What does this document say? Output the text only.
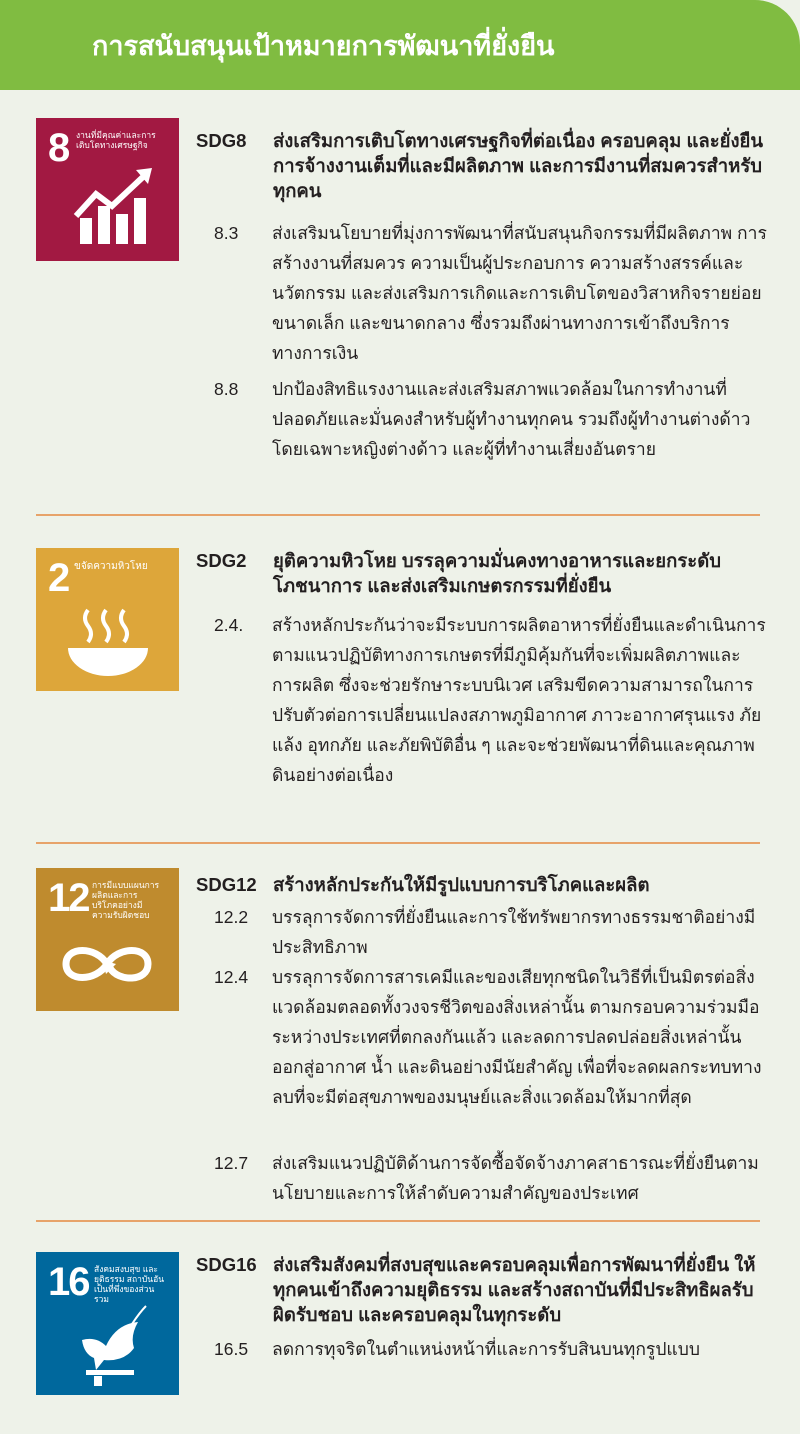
การสนับสนุนเป้าหมายการพัฒนาที่ยั่งยืน
8 งานที่มีคุณค่าและการเติบโตทางเศรษฐกิจ	SDG8 ส่งเสริมการเติบโตทางเศรษฐกิจที่ต่อเนื่อง ครอบคลุม และยั่งยืน การจ้างงานเต็มที่และมีผลิตภาพ และการมีงานที่สมควรสำหรับทุกคน
8.3 ส่งเสริมนโยบายที่มุ่งการพัฒนาที่สนับสนุนกิจกรรมที่มีผลิตภาพ การสร้างงานที่สมควร ความเป็นผู้ประกอบการ ความสร้างสรรค์และนวัตกรรม และส่งเสริมการเกิดและการเติบโตของวิสาหกิจรายย่อย ขนาดเล็ก และขนาดกลาง ซึ่งรวมถึงผ่านทางการเข้าถึงบริการทางการเงิน
8.8 ปกป้องสิทธิแรงงานและส่งเสริมสภาพแวดล้อมในการทำงานที่ปลอดภัยและมั่นคงสำหรับผู้ทำงานทุกคน รวมถึงผู้ทำงานต่างด้าว โดยเฉพาะหญิงต่างด้าว และผู้ที่ทำงานเสี่ยงอันตราย
2 ขจัดความหิวโหย	SDG2 ยุติความหิวโหย บรรลุความมั่นคงทางอาหารและยกระดับโภชนาการ และส่งเสริมเกษตรกรรมที่ยั่งยืน
2.4. สร้างหลักประกันว่าจะมีระบบการผลิตอาหารที่ยั่งยืนและดำเนินการตามแนวปฏิบัติทางการเกษตรที่มีภูมิคุ้มกันที่จะเพิ่มผลิตภาพและการผลิต ซึ่งจะช่วยรักษาระบบนิเวศ เสริมขีดความสามารถในการปรับตัวต่อการเปลี่ยนแปลงสภาพภูมิอากาศ ภาวะอากาศรุนแรง ภัยแล้ง อุทกภัย และภัยพิบัติอื่น ๆ และจะช่วยพัฒนาที่ดินและคุณภาพดินอย่างต่อเนื่อง
12 การมีแบบแผนการผลิตและการบริโภคอย่างมีความรับผิดชอบ
SDG12 สร้างหลักประกันให้มีรูปแบบการบริโภคและผลิต
12.2 บรรลุการจัดการที่ยั่งยืนและการใช้ทรัพยากรทางธรรมชาติอย่างมีประสิทธิภาพ
12.4 บรรลุการจัดการสารเคมีและของเสียทุกชนิดในวิธีที่เป็นมิตรต่อสิ่งแวดล้อมตลอดทั้งวงจรชีวิตของสิ่งเหล่านั้น ตามกรอบความร่วมมือระหว่างประเทศที่ตกลงกันแล้ว และลดการปลดปล่อยสิ่งเหล่านั้นออกสู่อากาศ น้ำ และดินอย่างมีนัยสำคัญ เพื่อที่จะลดผลกระทบทางลบที่จะมีต่อสุขภาพของมนุษย์และสิ่งแวดล้อมให้มากที่สุด
12.7 ส่งเสริมแนวปฏิบัติด้านการจัดซื้อจัดจ้างภาคสาธารณะที่ยั่งยืนตามนโยบายและการให้ลำดับความสำคัญของประเทศ
16 สังคมสงบสุข และยุติธรรม สถาบันอันเป็นที่พึ่งของส่วนรวม
SDG16 ส่งเสริมสังคมที่สงบสุขและครอบคลุมเพื่อการพัฒนาที่ยั่งยืน ให้ทุกคนเข้าถึงความยุติธรรม และสร้างสถาบันที่มีประสิทธิผลรับผิดรับชอบ และครอบคลุมในทุกระดับ
16.5 ลดการทุจริตในตำแหน่งหน้าที่และการรับสินบนทุกรูปแบบ
